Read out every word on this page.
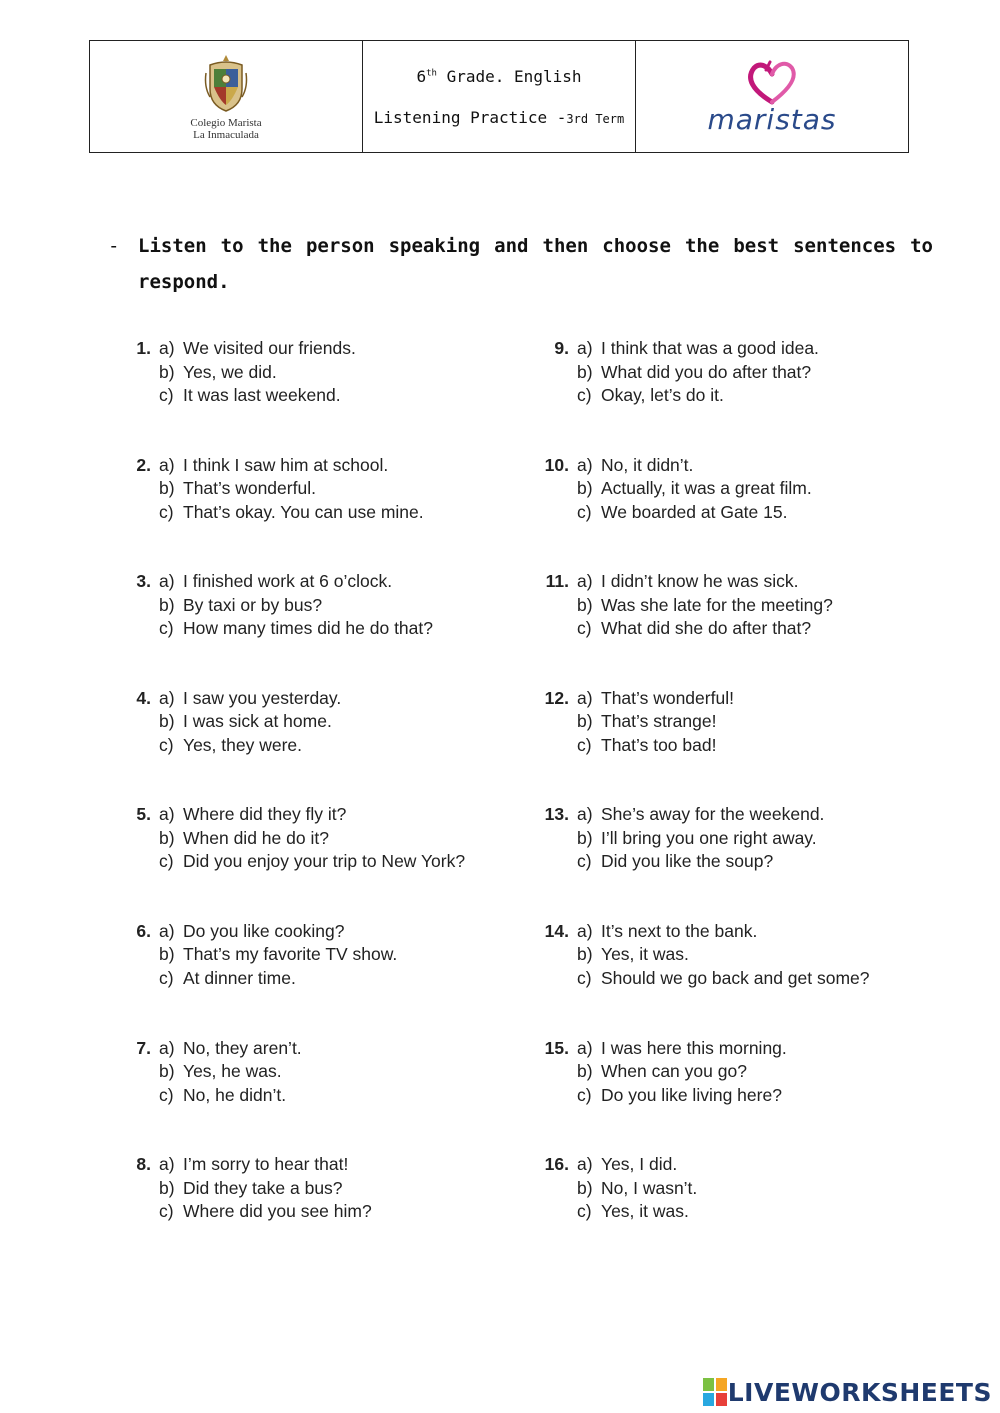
Colegio Marista
La Inmaculada
6th Grade. English
Listening Practice -3rd Term	maristas
- Listen to the person speaking and then choose the best sentences to respond.
1. a) We visited our friends.
b) Yes, we did.
c) It was last weekend.
2. a) I think I saw him at school.
b) That’s wonderful.
c) That’s okay. You can use mine.
3. a) I finished work at 6 o’clock.
b) By taxi or by bus?
c) How many times did he do that?
4. a) I saw you yesterday.
b) I was sick at home.
c) Yes, they were.
5. a) Where did they fly it?
b) When did he do it?
c) Did you enjoy your trip to New York?
6. a) Do you like cooking?
b) That’s my favorite TV show.
c) At dinner time.
7. a) No, they aren’t.
b) Yes, he was.
c) No, he didn’t.
8. a) I’m sorry to hear that!
b) Did they take a bus?
c) Where did you see him?
9. a) I think that was a good idea.
b) What did you do after that?
c) Okay, let’s do it.
10. a) No, it didn’t.
b) Actually, it was a great film.
c) We boarded at Gate 15.
11. a) I didn’t know he was sick.
b) Was she late for the meeting?
c) What did she do after that?
12. a) That’s wonderful!
b) That’s strange!
c) That’s too bad!
13. a) She’s away for the weekend.
b) I’ll bring you one right away.
c) Did you like the soup?
14. a) It’s next to the bank.
b) Yes, it was.
c) Should we go back and get some?
15. a) I was here this morning.
b) When can you go?
c) Do you like living here?
16. a) Yes, I did.
b) No, I wasn’t.
c) Yes, it was.
LIVEWORKSHEETS
